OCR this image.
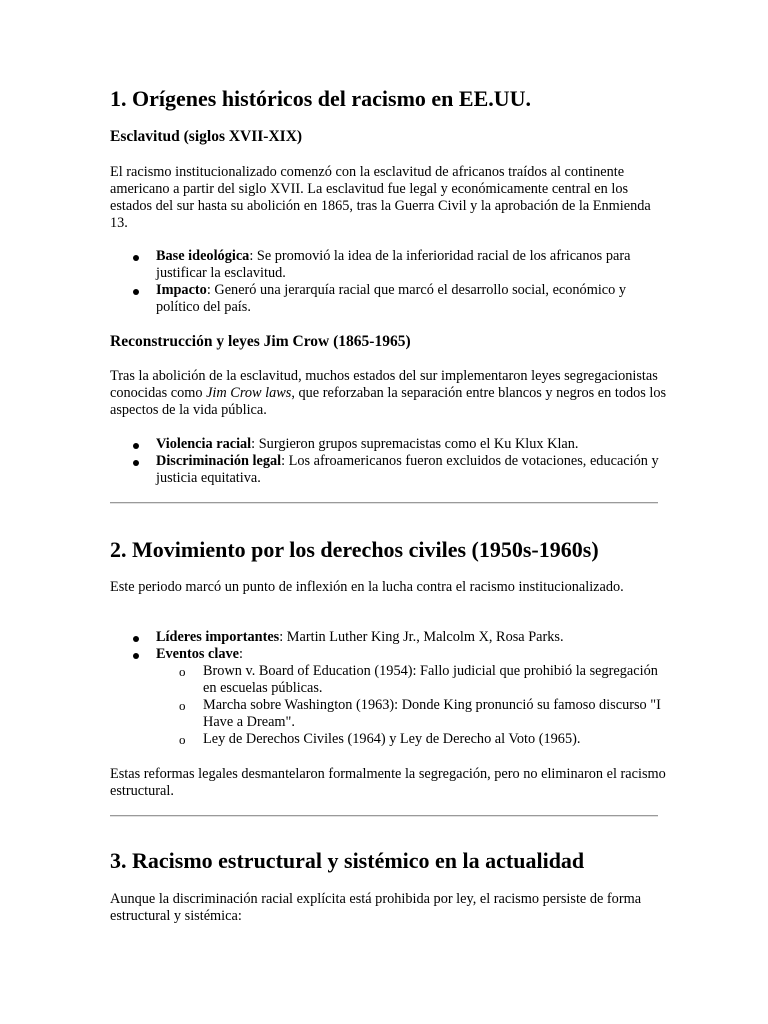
1. Orígenes históricos del racismo en EE.UU.
Esclavitud (siglos XVII-XIX)

El racismo institucionalizado comenzó con la esclavitud de africanos traídos al continente americano a partir del siglo XVII. La esclavitud fue legal y económicamente central en los estados del sur hasta su abolición en 1865, tras la Guerra Civil y la aprobación de la Enmienda 13.

Base ideológica: Se promovió la idea de la inferioridad racial de los africanos para justificar la esclavitud.

Impacto: Generó una jerarquía racial que marcó el desarrollo social, económico y político del país.

Reconstrucción y leyes Jim Crow (1865-1965)

Tras la abolición de la esclavitud, muchos estados del sur implementaron leyes segregacionistas conocidas como Jim Crow laws, que reforzaban la separación entre blancos y negros en todos los aspectos de la vida pública.

Violencia racial: Surgieron grupos supremacistas como el Ku Klux Klan.

Discriminación legal: Los afroamericanos fueron excluidos de votaciones, educación y justicia equitativa.

2. Movimiento por los derechos civiles (1950s-1960s)

Este periodo marcó un punto de inflexión en la lucha contra el racismo institucionalizado.

Líderes importantes: Martin Luther King Jr., Malcolm X, Rosa Parks.

Eventos clave:

o Brown v. Board of Education (1954): Fallo judicial que prohibió la segregación en escuelas públicas.

o Marcha sobre Washington (1963): Donde King pronunció su famoso discurso "I Have a Dream".

o Ley de Derechos Civiles (1964) y Ley de Derecho al Voto (1965).

Estas reformas legales desmantelaron formalmente la segregación, pero no eliminaron el racismo estructural.

3. Racismo estructural y sistémico en la actualidad

Aunque la discriminación racial explícita está prohibida por ley, el racismo persiste de forma estructural y sistémica:
